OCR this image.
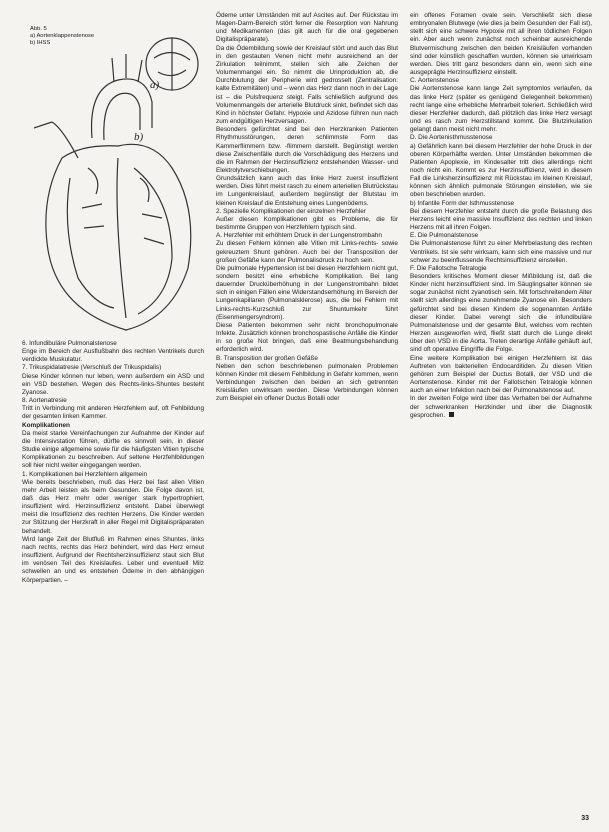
Abb. 5
a) Aortenklappenstenose
b) IHSS
a)
b)

6. Infundibuläre Pulmonalstenose
Enge im Bereich der Ausflußbahn des rechten Ventrikels durch verdickte Muskulatur.

7. Trikuspidalatresie (Verschluß der Trikuspidalis)
Diese Kinder können nur leben, wenn außerdem ein ASD und ein VSD bestehen. Wegen des Rechts-links-Shuntes besteht Zyanose.

8. Aortenatresie
Tritt in Verbindung mit anderen Herzfehlern auf, oft Fehlbildung der gesamten linken Kammer.

Komplikationen

Da meist starke Vereinfachungen zur Aufnahme der Kinder auf die Intensivstation führen, dürfte es sinnvoll sein, in dieser Studie einige allgemeine sowie für die häufigsten Vitien typische Komplikationen zu beschreiben. Auf seltene Herzfehlbildungen soll hier nicht weiter eingegangen werden.

1. Komplikationen bei Herzfehlern allgemein

Wie bereits beschrieben, muß das Herz bei fast allen Vitien mehr Arbeit leisten als beim Gesunden. Die Folge davon ist, daß das Herz mehr oder weniger stark hypertrophiert, insuffizient wird. Herzinsuffizienz entsteht. Dabei überwiegt meist die Insuffizienz des rechten Herzens. Die Kinder werden zur Stützung der Herzkraft in aller Regel mit Digitalispräparaten behandelt.

Wird lange Zeit der Blutfluß im Rahmen eines Shuntes, links nach rechts, rechts das Herz behindert, wird das Herz erneut insuffizient. Aufgrund der Rechtsherzinsuffizienz staut sich Blut im venösen Teil des Kreislaufes. Leber und eventuell Milz schwellen an und es entstehen Ödeme in den abhängigen Körperpartien. –

Ödeme unter Umständen mit auf Ascites auf. Der Rückstau im Magen-Darm-Bereich stört ferner die Resorption von Nahrung und Medikamenten (das gilt auch für die oral gegebenen Digitalispräparate).

Da die Ödembildung sowie der Kreislauf stört und auch das Blut in den gestauten Venen nicht mehr ausreichend an der Zirkulation teilnimmt, stellen sich alle Zeichen der Volumenmangel ein. So nimmt die Urinproduktion ab, die Durchblutung der Peripherie wird gedrosselt (Zentralisation: kalte Extremitäten) und – wenn das Herz dann noch in der Lage ist – die Pulsfrequenz steigt. Falls schließlich aufgrund des Volumenmangels der arterielle Blutdruck sinkt, befindet sich das Kind in höchster Gefahr. Hypoxie und Azidose führen nun nach zum endgültigen Herzversagen.

Besonders gefürchtet sind bei den Herzkranken Patienten Rhythmusstörungen, deren schlimmste Form das Kammerflimmern bzw. -flimmern darstellt. Begünstigt werden diese Zwischenfälle durch die Vorschädigung des Herzens und die im Rahmen der Herzinsuffizienz entstehenden Wasser- und Elektrolytverschiebungen.

Grundsätzlich kann auch das linke Herz zuerst insuffizient werden. Dies führt meist rasch zu einem arteriellen Blutrückstau im Lungenkreislauf, außerdem begünstigt der Blutstau im kleinen Kreislauf die Entstehung eines Lungenödems.

2. Spezielle Komplikationen der einzelnen Herzfehler

Außer diesen Komplikationen gibt es Probleme, die für bestimmte Gruppen von Herzfehlern typisch sind.

A. Herzfehler mit erhöhtem Druck in der Lungenstrombahn

Zu diesen Fehlern können alle Vitien mit Links-rechts- sowie gekreuztem Shunt gehören. Auch bei der Transposition der großen Gefäße kann der Pulmonalisdruck zu hoch sein.

Die pulmonale Hypertension ist bei diesen Herzfehlern nicht gut, sondern besitzt eine erhebliche Komplikation. Bei lang dauernder Drucküberhöhung in der Lungenstrombahn bildet sich in einigen Fällen eine Widerstandserhöhung im Bereich der Lungenkapillaren (Pulmonalsklerose) aus, die bei Fehlern mit Links-rechts-Kurzschluß zur Shuntumkehr führt (Eisenmengersyndrom).

Diese Patienten bekommen sehr nicht bronchopulmonale Infekte. Zusätzlich können bronchospastische Anfälle die Kinder in so große Not bringen, daß eine Beatmungsbehandlung erforderlich wird.

B. Transposition der großen Gefäße

Neben den schon beschriebenen pulmonalen Problemen können Kinder mit diesem Fehlbildung in Gefahr kommen, wenn Verbindungen zwischen den beiden an sich getrennten Kreisläufen unwirksam werden. Diese Verbindungen können zum Beispiel ein offener Ductus Botalli oder

ein offenes Foramen ovale sein. Verschließt sich diese embryonalen Blutwege (wie dies ja beim Gesunden der Fall ist), stellt sich eine schwere Hypoxie mit all ihren tödlichen Folgen ein. Aber auch wenn zunächst noch scheinbar ausreichende Blutvermischung zwischen den beiden Kreisläufen vorhanden sind oder künstlich geschaffen wurden, können sie unwirksam werden. Dies tritt ganz besonders dann ein, wenn sich eine ausgeprägte Herzinsuffizienz einstellt.

C. Aortenstenose

Die Aortenstenose kann lange Zeit symptomlos verlaufen, da das linke Herz (später es genügend Gelegenheit bekommen) recht lange eine erhebliche Mehrarbeit toleriert. Schließlich wird dieser Herzfehler dadurch, daß plötzlich das linke Herz versagt und es rasch zum Herzstillstand kommt. Die Blutzirkulation gelangt dann meist nicht mehr.

D. Die Aortenisthmusstenose

a) Gefährlich kann bei diesem Herzfehler der hohe Druck in der oberen Körperhälfte werden. Unter Umständen bekommen die Patienten Apoplexie, im Kindesalter tritt dies allerdings nicht noch nicht ein. Kommt es zur Herzinsuffizienz, wird in diesem Fall die Linksherzinsuffizienz mit Rückstau im kleinen Kreislauf, können sich ähnlich pulmonale Störungen einstellen, wie sie oben beschrieben wurden.

b) Infantile Form der Isthmusstenose

Bei diesem Herzfehler entsteht durch die große Belastung des Herzens leicht eine massive Insuffizienz des rechten und linken Herzens mit all ihren Folgen.

E. Die Pulmonalstenose

Die Pulmonalstenose führt zu einer Mehrbelastung des rechten Ventrikels. Ist sie sehr wirksam, kann sich eine massive und nur schwer zu beeinflussende Rechtsinsuffizienz einstellen.

F. Die Fallotsche Tetralogie

Besonders kritisches Moment dieser Mißbildung ist, daß die Kinder nicht herzinsuffizient sind. Im Säuglingsalter können sie sogar zunächst nicht zyanotisch sein. Mit fortschreitendem Alter stellt sich allerdings eine zunehmende Zyanose ein. Besonders gefürchtet sind bei diesen Kindern die sogenannten Anfälle dieser Kinder. Dabei verengt sich die infundibuläre Pulmonalstenose und der gesamte Blut, welches vom rechten Herzen ausgeworfen wird, fließt statt durch die Lunge direkt über den VSD in die Aorta. Treten derartige Anfälle gehäuft auf, sind oft operative Eingriffe die Folge.

Eine weitere Komplikation bei einigen Herzfehlern ist das Auftreten von bakteriellen Endocarditiden. Zu diesen Vitien gehören zum Beispiel der Ductus Botalli, der VSD und die Aortenstenose. Kinder mit der Fallotschen Tetralogie können auch an einer Infektion nach bei der Pulmonalstenose auf.

In der zweiten Folge wird über das Verhalten bei der Aufnahme der schwerkranken Herzkinder und über die Diagnostik gesprochen.

33
